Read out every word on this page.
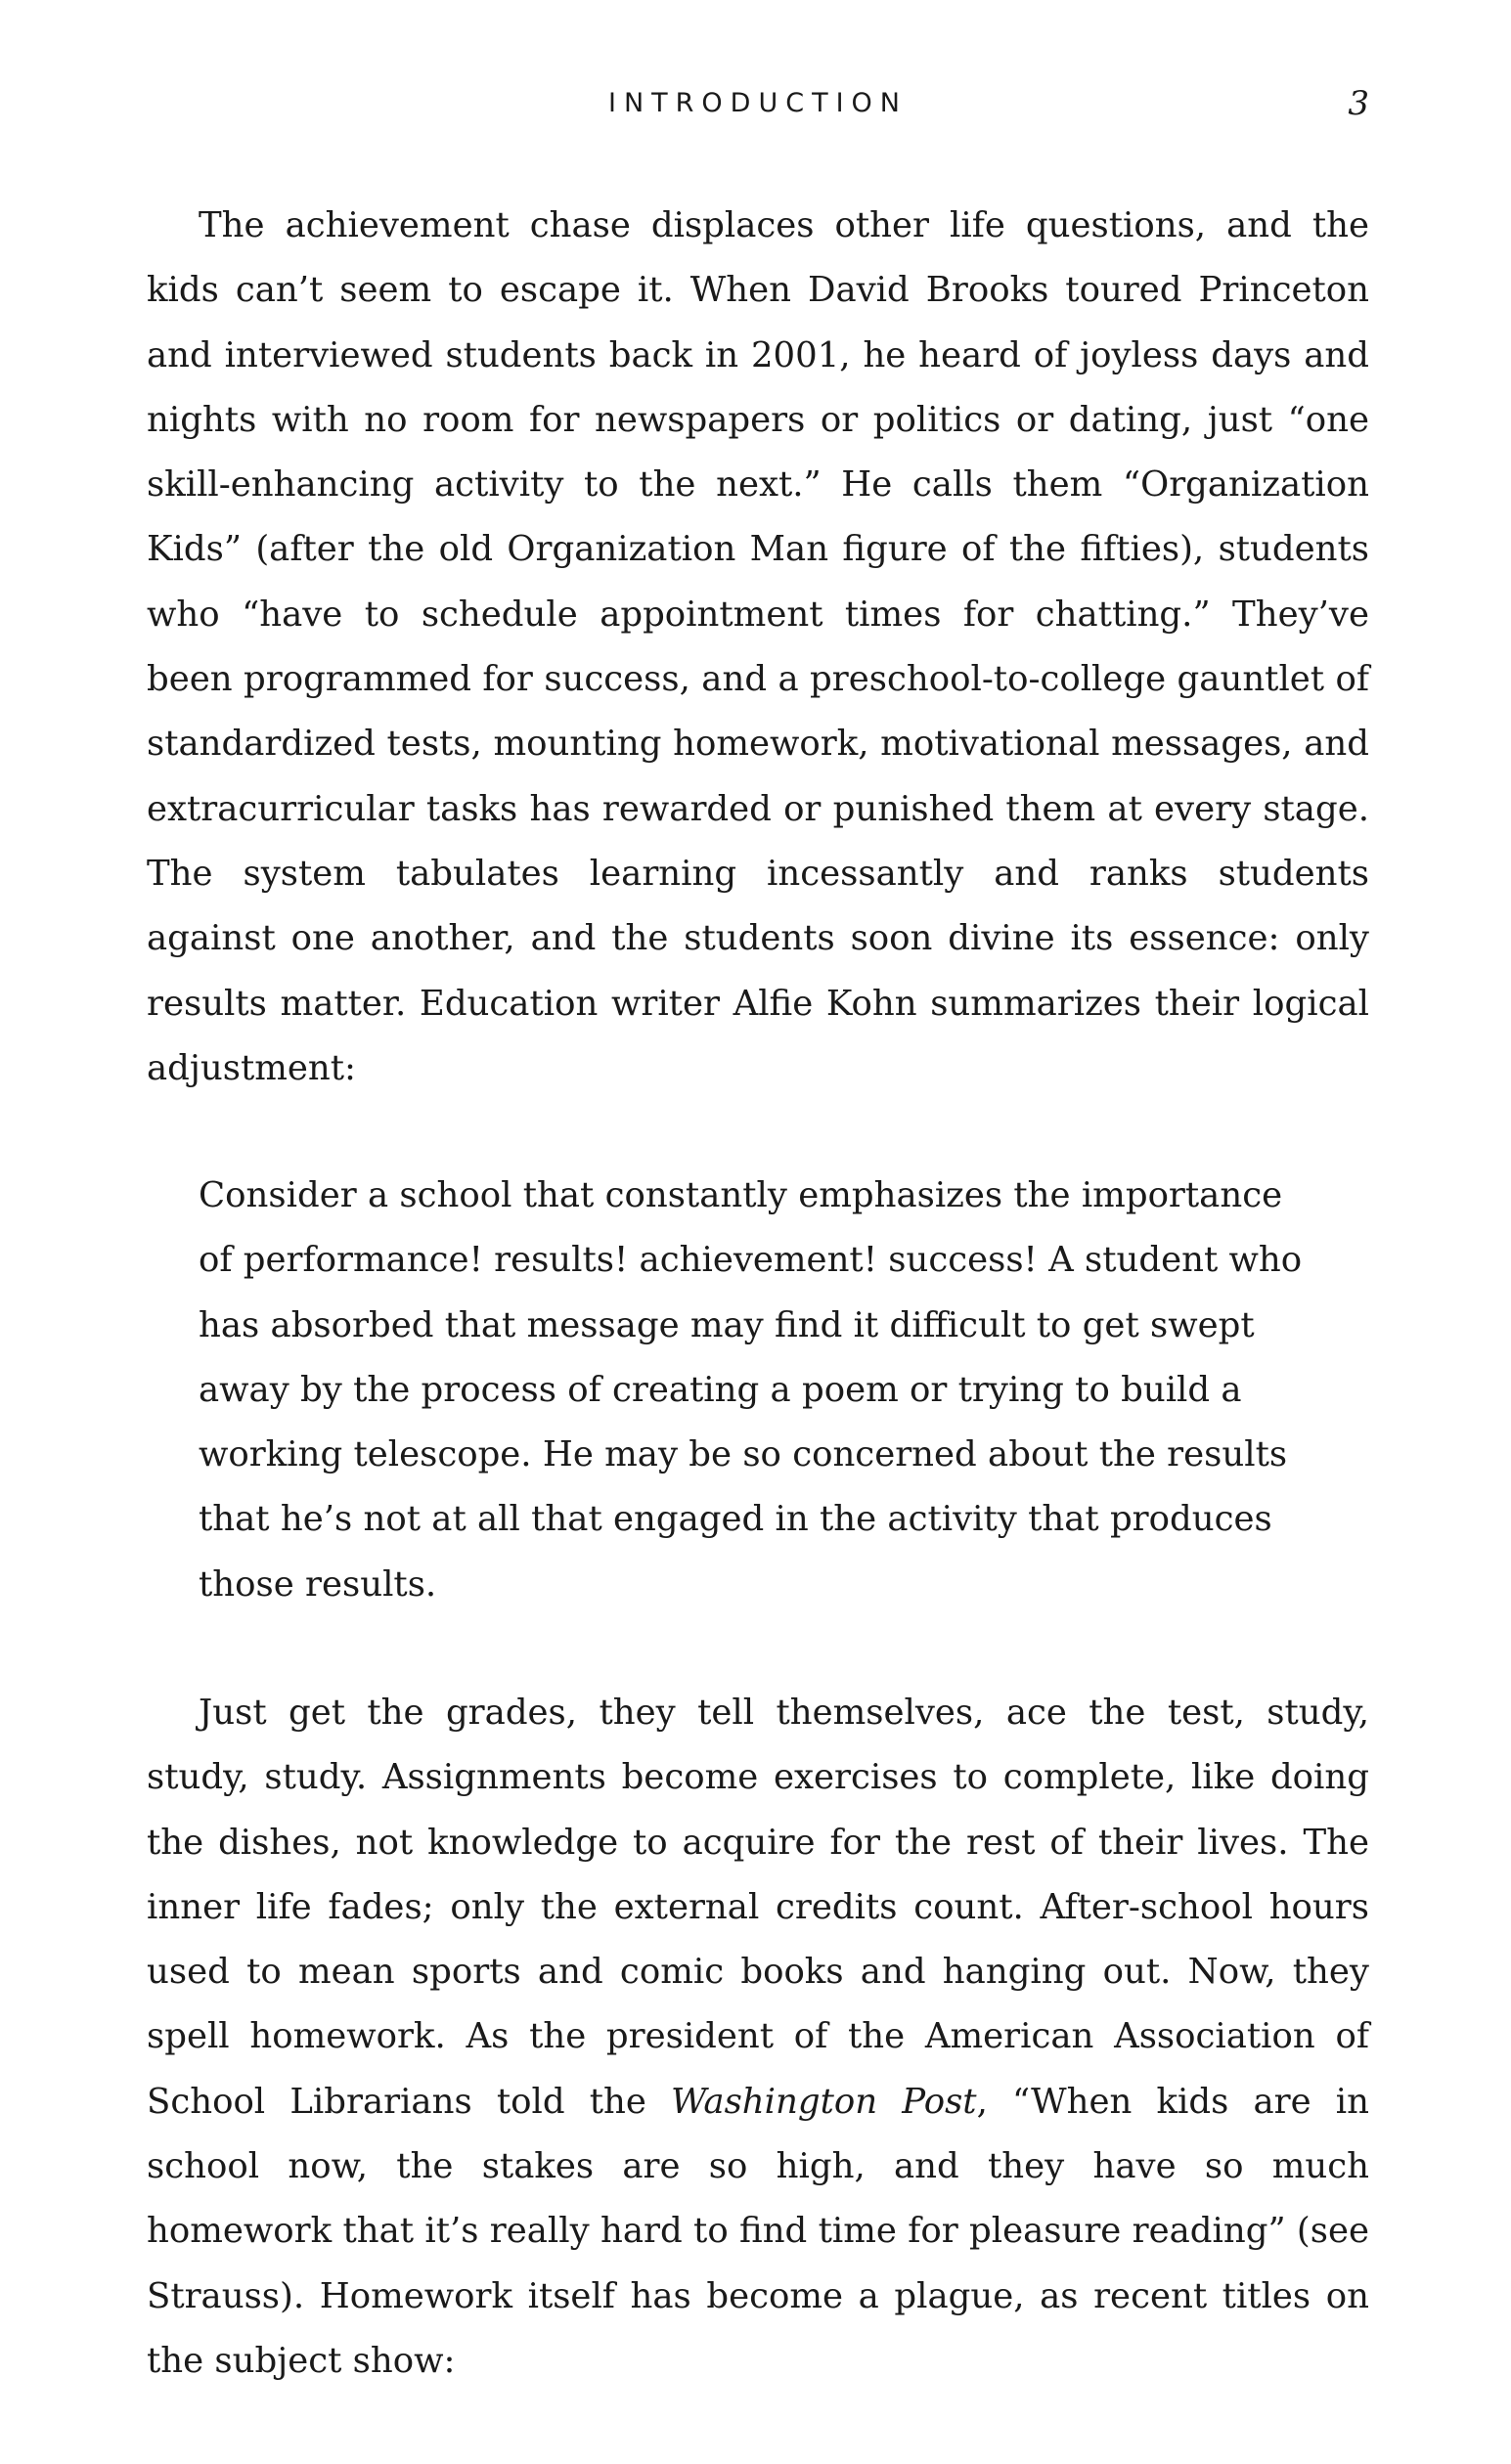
INTRODUCTION	3

The achievement chase displaces other life questions, and the kids can’t seem to escape it. When David Brooks toured Princeton and interviewed students back in 2001, he heard of joyless days and nights with no room for newspapers or politics or dating, just “one skill-enhancing activity to the next.” He calls them “Organization Kids” (after the old Organization Man figure of the fifties), students who “have to schedule appointment times for chatting.” They’ve been programmed for success, and a preschool-to-college gauntlet of standardized tests, mounting homework, motivational messages, and extracurricular tasks has rewarded or punished them at every stage. The system tabulates learning incessantly and ranks students against one another, and the students soon divine its essence: only results matter. Education writer Alfie Kohn summarizes their logical adjustment:

Consider a school that constantly emphasizes the importance of performance! results! achievement! success! A student who has absorbed that message may find it difficult to get swept away by the process of creating a poem or trying to build a working telescope. He may be so concerned about the results that he’s not at all that engaged in the activity that produces those results.

Just get the grades, they tell themselves, ace the test, study, study, study. Assignments become exercises to complete, like doing the dishes, not knowledge to acquire for the rest of their lives. The inner life fades; only the external credits count. After-school hours used to mean sports and comic books and hanging out. Now, they spell homework. As the president of the American Association of School Librarians told the Washington Post, “When kids are in school now, the stakes are so high, and they have so much homework that it’s really hard to find time for pleasure reading” (see Strauss). Homework itself has become a plague, as recent titles on the subject show:
